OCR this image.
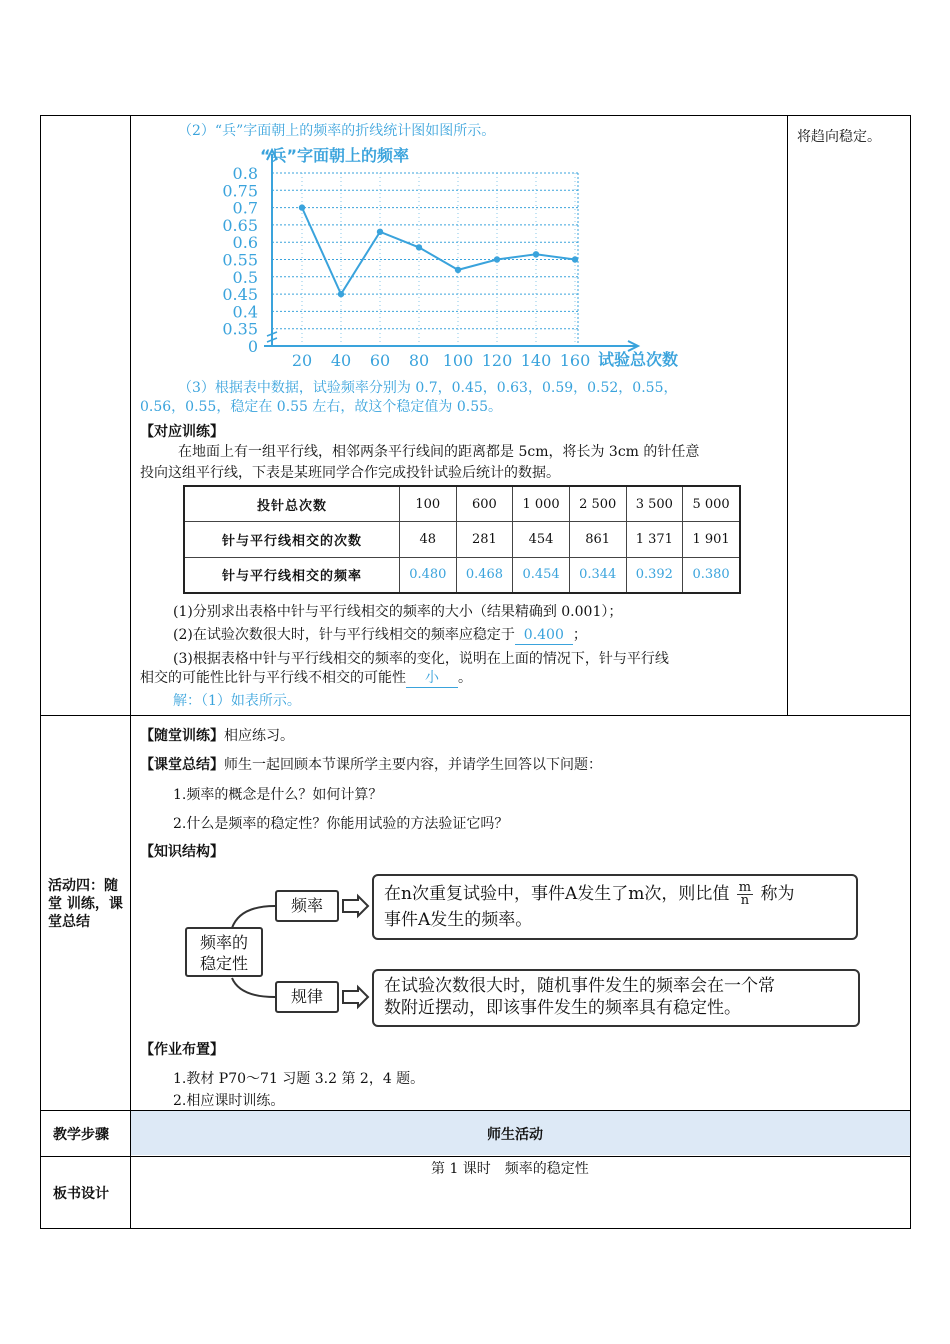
将趋向稳定。
（2）“兵”字面朝上的频率的折线统计图如图所示。
“兵”字面朝上的频率
0
0.35
0.4
0.45
0.5
0.55
0.6
0.65
0.7
0.75
0.8
20 40 60 80 100 120 140 160 试验总次数
（3）根据表中数据，试验频率分别为 0.7，0.45，0.63，0.59，0.52，0.55，
0.56，0.55，稳定在 0.55 左右，故这个稳定值为 0.55。
【对应训练】
在地面上有一组平行线，相邻两条平行线间的距离都是 5cm，将长为 3cm 的针任意
投向这组平行线，下表是某班同学合作完成投针试验后统计的数据。
投针总次数	100	600	1 000	2 500	3 500	5 000
针与平行线相交的次数	48	281	454	861	1 371	1 901
针与平行线相交的频率	0.480	0.468	0.454	0.344	0.392	0.380
(1)分别求出表格中针与平行线相交的频率的大小（结果精确到 0.001）；
(2)在试验次数很大时，针与平行线相交的频率应稳定于 0.400 ；
(3)根据表格中针与平行线相交的频率的变化，说明在上面的情况下，针与平行线
相交的可能性比针与平行线不相交的可能性 小 。
解：（1）如表所示。
活动四：随 堂 训练，课堂总结
【随堂训练】相应练习。
【课堂总结】师生一起回顾本节课所学主要内容，并请学生回答以下问题：
1.频率的概念是什么？如何计算？
2.什么是频率的稳定性？你能用试验的方法验证它吗？
【知识结构】
频率的
稳定性
频率
规律
在n次重复试验中，事件A发生了m次，则比值 $\frac{m}{n}$ 称为
事件A发生的频率。
在试验次数很大时，随机事件发生的频率会在一个常
数附近摆动，即该事件发生的频率具有稳定性。
【作业布置】
1.教材 P70～71 习题 3.2 第 2，4 题。
2.相应课时训练。
教学步骤	师生活动
板书设计
第 1 课时　频率的稳定性
